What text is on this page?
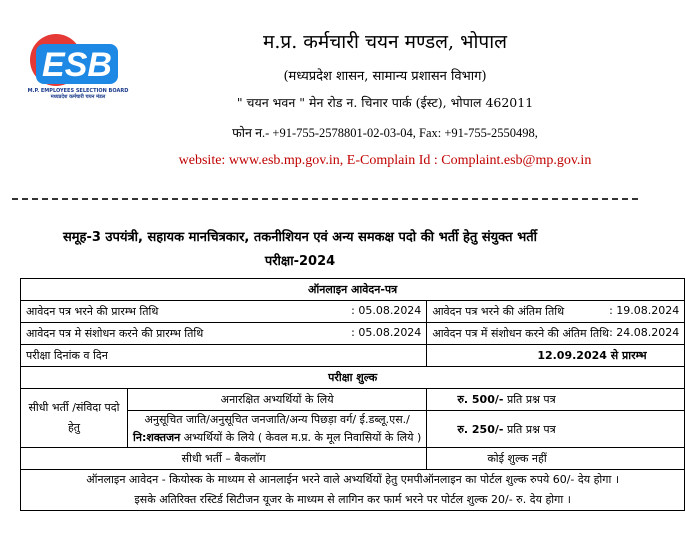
ESB
M.P. EMPLOYEES SELECTION BOARD
मध्यप्रदेश कर्मचारी चयन मंडल
म.प्र. कर्मचारी चयन मण्डल, भोपाल
(मध्यप्रदेश शासन, सामान्य प्रशासन विभाग)
" चयन भवन " मेन रोड न. चिनार पार्क (ईस्ट), भोपाल 462011
फोन न.- +91-755-2578801-02-03-04, Fax: +91-755-2550498,
website: www.esb.mp.gov.in, E-Complain Id : Complaint.esb@mp.gov.in
समूह-3 उपयंत्री, सहायक मानचित्रकार, तकनीशियन एवं अन्य समकक्ष पदो की भर्ती हेतु संयुक्त भर्ती
परीक्षा-2024
ऑनलाइन आवेदन-पत्र		

आवेदन पत्र भरने की प्रारम्भ तिथि : 05.08.2024		आवेदन पत्र भरने की अंतिम तिथि : 19.08.2024

आवेदन पत्र मे संशोधन करने की प्रारम्भ तिथि : 05.08.2024		आवेदन पत्र में संशोधन करने की अंतिम तिथि : 24.08.2024

परीक्षा दिनांक व दिन		12.09.2024 से प्रारम्भ
परीक्षा शुल्क		
सीधी भर्ती /संविदा पदो हेतु	अनारक्षित अभ्यर्थियों के लिये	रु. 500/- प्रति प्रश्न पत्र

	अनुसूचित जाति/अनुसूचित जनजाति/अन्य पिछड़ा वर्ग/ ई.डब्लू.एस./
नि:शक्तजन अभ्यर्थियों के लिये ( केवल म.प्र. के मूल निवासियों के लिये )	रु. 250/- प्रति प्रश्न पत्र
सीधी भर्ती – बैकलॉग		कोई शुल्क नहीं

ऑनलाइन आवेदन - कियोस्क के माध्यम से आनलाईन भरने वाले अभ्यर्थियों हेतु एमपीऑनलाइन का पोर्टल शुल्क रुपये 60/- देय होगा ।
इसके अतिरिक्त रस्टिर्ड सिटीजन यूजर के माध्यम से लागिन कर फार्म भरने पर पोर्टल शुल्क 20/- रु. देय होगा ।		
